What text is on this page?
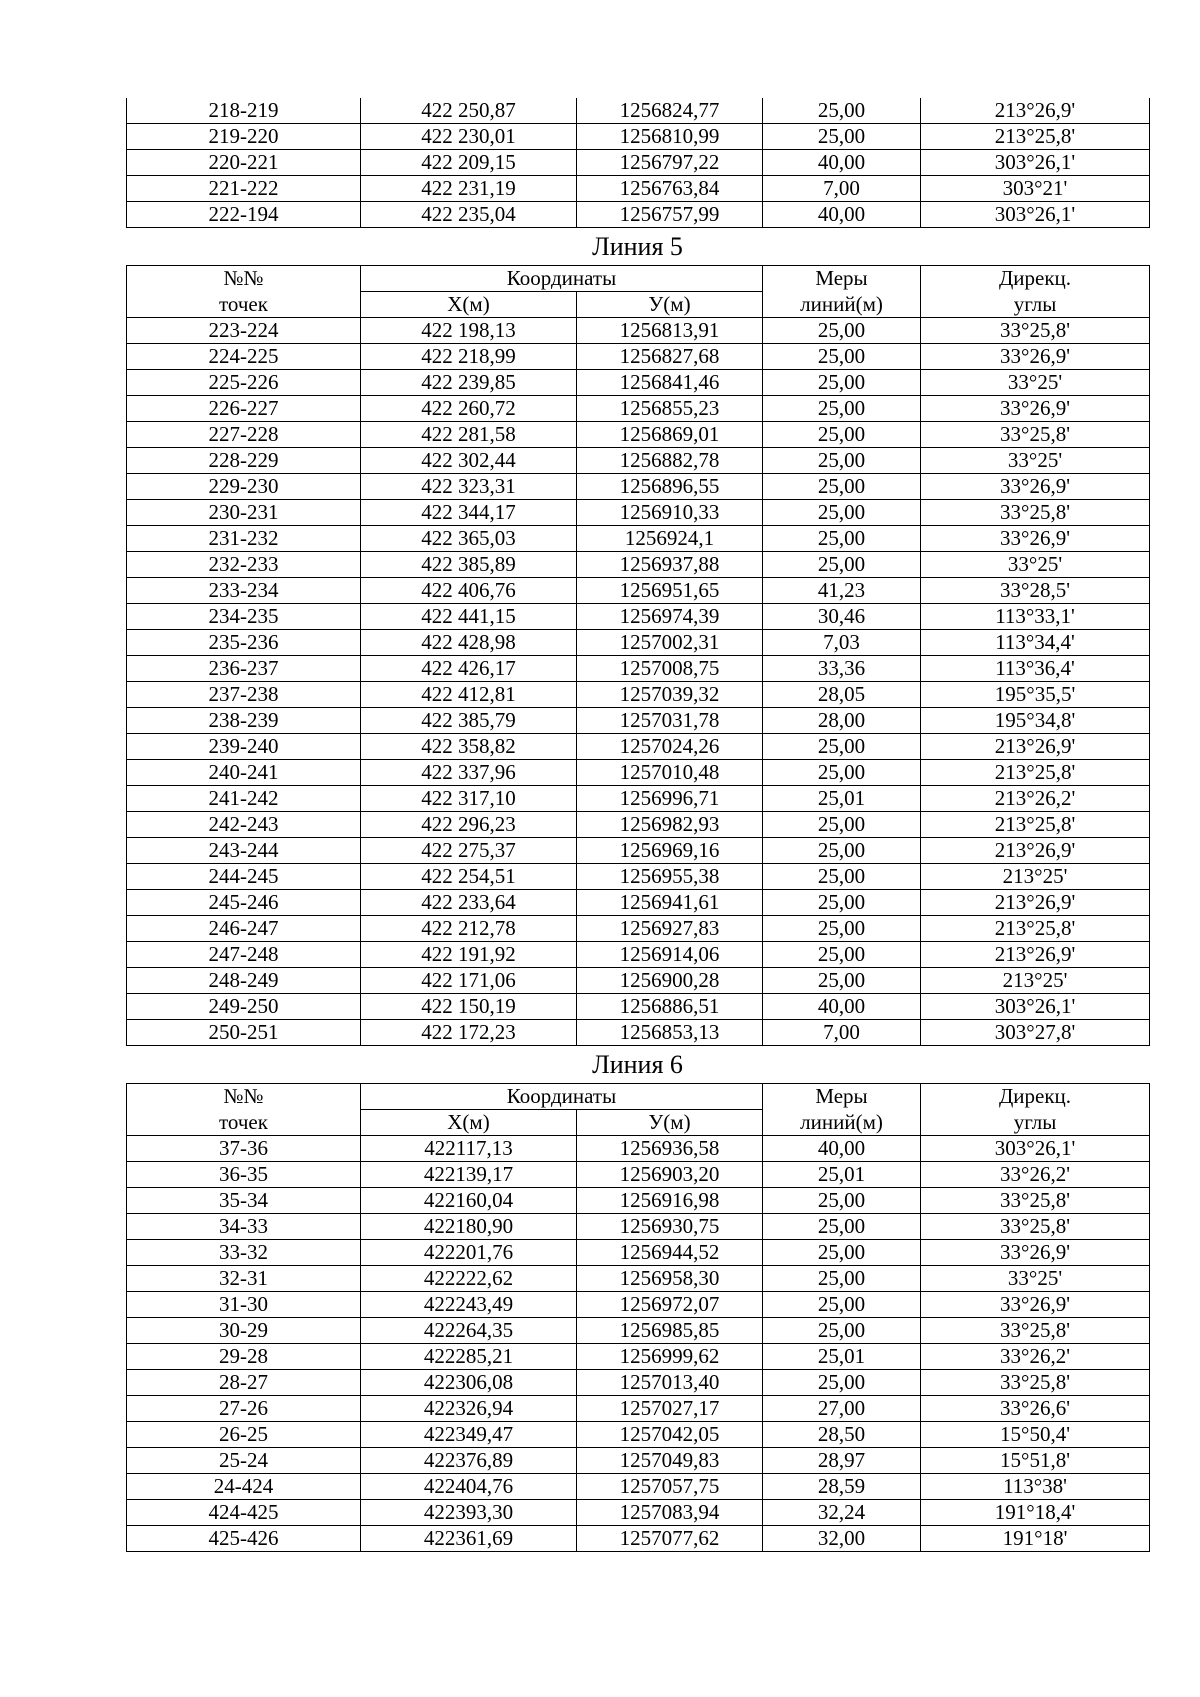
218-219	422 250,87	1256824,77	25,00	213°26,9'
219-220	422 230,01	1256810,99	25,00	213°25,8'
220-221	422 209,15	1256797,22	40,00	303°26,1'
221-222	422 231,19	1256763,84	7,00	303°21'
222-194	422 235,04	1256757,99	40,00	303°26,1'
Линия 5
№№	Координаты		Меры	Дирекц.
точек	Х(м)	У(м)	линий(м)	углы
223-224	422 198,13	1256813,91	25,00	33°25,8'
224-225	422 218,99	1256827,68	25,00	33°26,9'
225-226	422 239,85	1256841,46	25,00	33°25'
226-227	422 260,72	1256855,23	25,00	33°26,9'
227-228	422 281,58	1256869,01	25,00	33°25,8'
228-229	422 302,44	1256882,78	25,00	33°25'
229-230	422 323,31	1256896,55	25,00	33°26,9'
230-231	422 344,17	1256910,33	25,00	33°25,8'
231-232	422 365,03	1256924,1	25,00	33°26,9'
232-233	422 385,89	1256937,88	25,00	33°25'
233-234	422 406,76	1256951,65	41,23	33°28,5'
234-235	422 441,15	1256974,39	30,46	113°33,1'
235-236	422 428,98	1257002,31	7,03	113°34,4'
236-237	422 426,17	1257008,75	33,36	113°36,4'
237-238	422 412,81	1257039,32	28,05	195°35,5'
238-239	422 385,79	1257031,78	28,00	195°34,8'
239-240	422 358,82	1257024,26	25,00	213°26,9'
240-241	422 337,96	1257010,48	25,00	213°25,8'
241-242	422 317,10	1256996,71	25,01	213°26,2'
242-243	422 296,23	1256982,93	25,00	213°25,8'
243-244	422 275,37	1256969,16	25,00	213°26,9'
244-245	422 254,51	1256955,38	25,00	213°25'
245-246	422 233,64	1256941,61	25,00	213°26,9'
246-247	422 212,78	1256927,83	25,00	213°25,8'
247-248	422 191,92	1256914,06	25,00	213°26,9'
248-249	422 171,06	1256900,28	25,00	213°25'
249-250	422 150,19	1256886,51	40,00	303°26,1'
250-251	422 172,23	1256853,13	7,00	303°27,8'
Линия 6
№№	Координаты		Меры	Дирекц.
точек	Х(м)	У(м)	линий(м)	углы
37-36	422117,13	1256936,58	40,00	303°26,1'
36-35	422139,17	1256903,20	25,01	33°26,2'
35-34	422160,04	1256916,98	25,00	33°25,8'
34-33	422180,90	1256930,75	25,00	33°25,8'
33-32	422201,76	1256944,52	25,00	33°26,9'
32-31	422222,62	1256958,30	25,00	33°25'
31-30	422243,49	1256972,07	25,00	33°26,9'
30-29	422264,35	1256985,85	25,00	33°25,8'
29-28	422285,21	1256999,62	25,01	33°26,2'
28-27	422306,08	1257013,40	25,00	33°25,8'
27-26	422326,94	1257027,17	27,00	33°26,6'
26-25	422349,47	1257042,05	28,50	15°50,4'
25-24	422376,89	1257049,83	28,97	15°51,8'
24-424	422404,76	1257057,75	28,59	113°38'
424-425	422393,30	1257083,94	32,24	191°18,4'
425-426	422361,69	1257077,62	32,00	191°18'
